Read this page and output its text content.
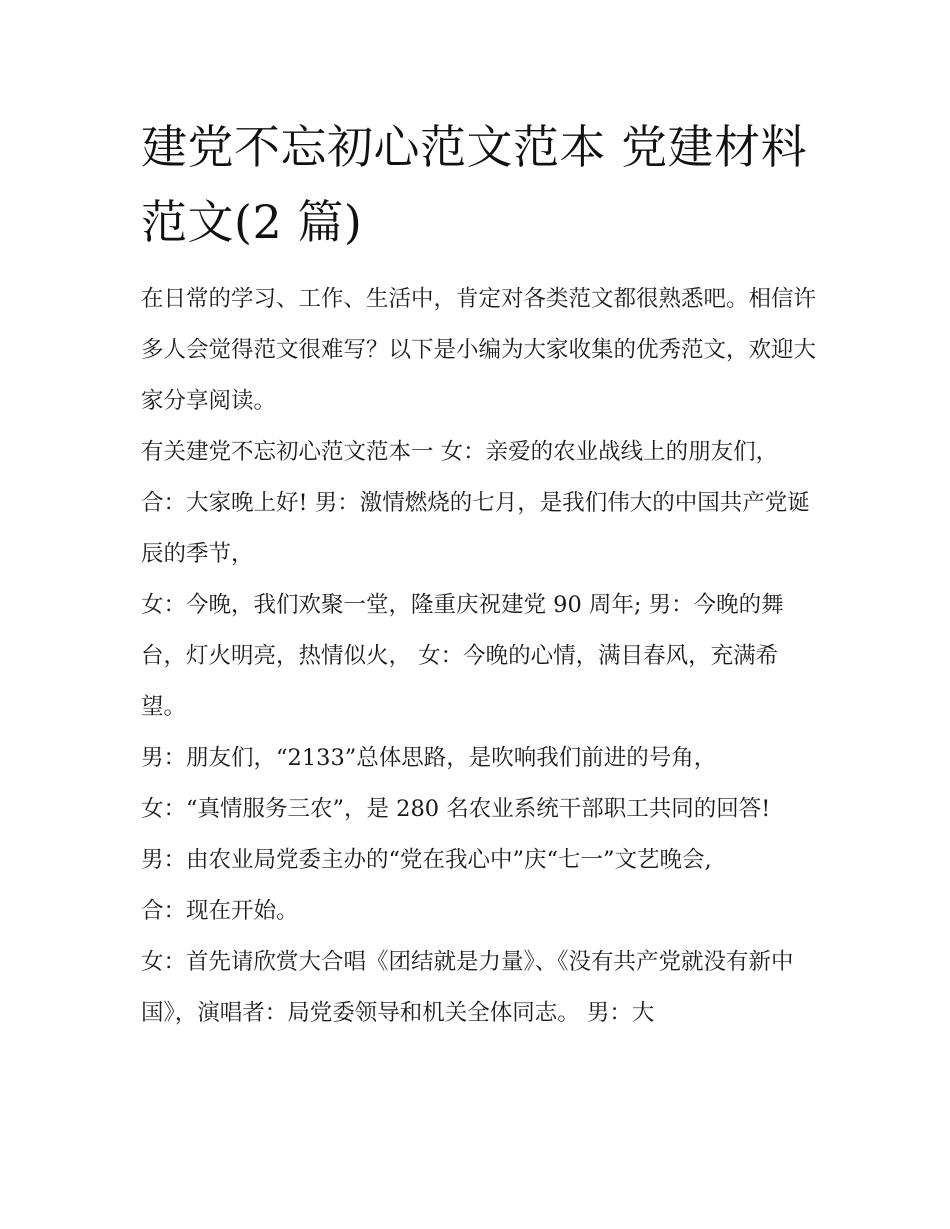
建党不忘初心范文范本 党建材料范文(2 篇)

在日常的学习、工作、生活中，肯定对各类范文都很熟悉吧。相信许多人会觉得范文很难写？以下是小编为大家收集的优秀范文，欢迎大家分享阅读。

有关建党不忘初心范文范本一 女：亲爱的农业战线上的朋友们， 合：大家晚上好! 男：激情燃烧的七月，是我们伟大的中国共产党诞辰的季节，

女：今晚，我们欢聚一堂，隆重庆祝建党 90 周年; 男：今晚的舞台，灯火明亮，热情似火， 女：今晚的心情，满目春风，充满希望。

男：朋友们，“2133”总体思路，是吹响我们前进的号角，

女：“真情服务三农”，是 280 名农业系统干部职工共同的回答!

男：由农业局党委主办的“党在我心中”庆“七一”文艺晚会,

合：现在开始。

女：首先请欣赏大合唱《团结就是力量》、《没有共产党就没有新中国》，演唱者：局党委领导和机关全体同志。 男：大
